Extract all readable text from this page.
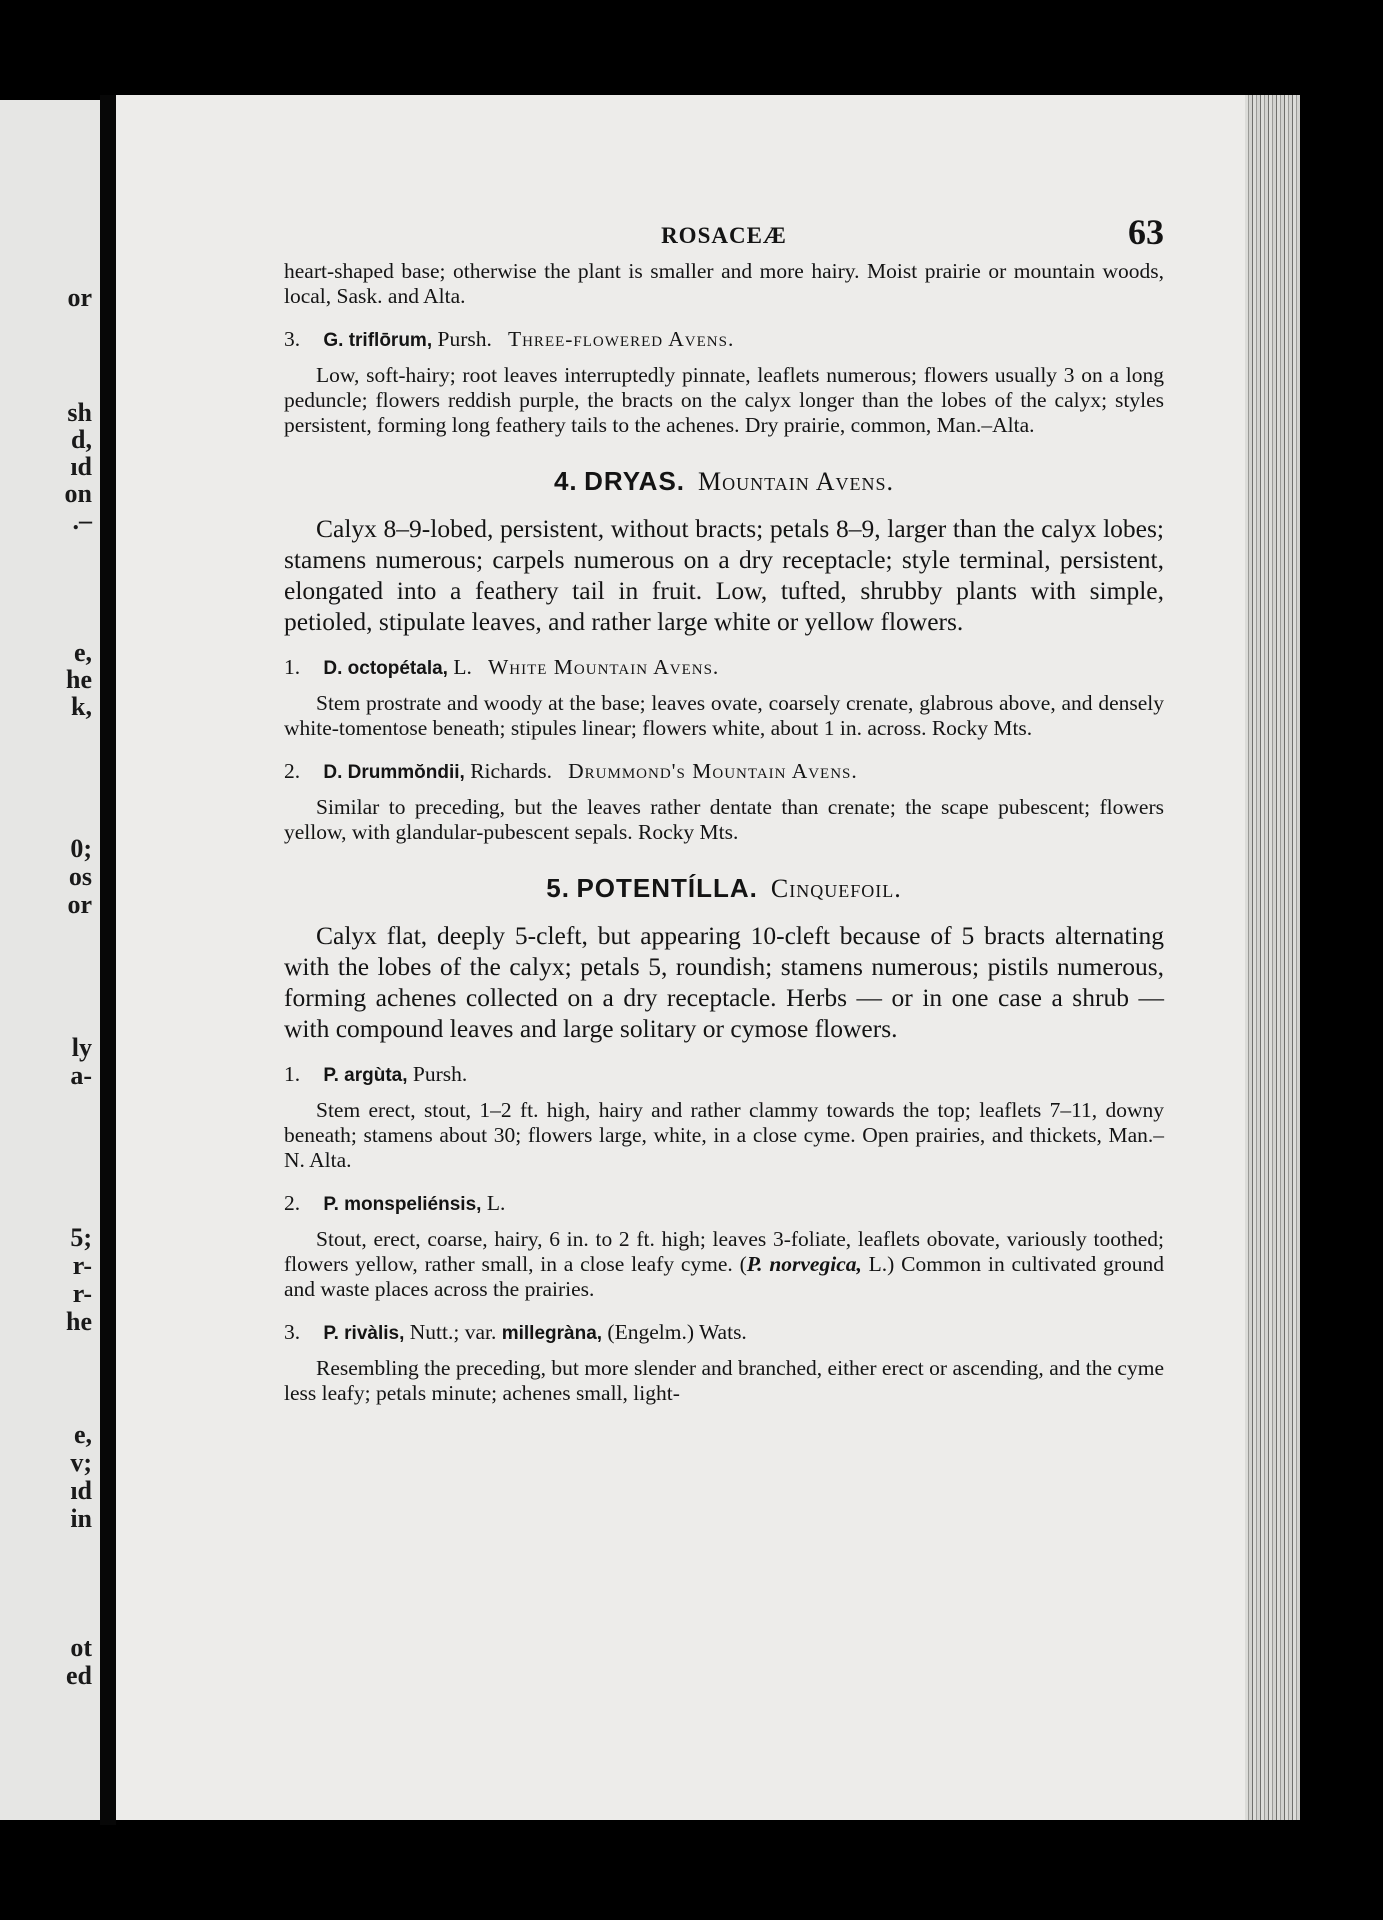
or
sh
d,
ıd
on
.–
e,
he
k,
0;
os
or
ly
a-
5;
r-
r-
he
e,
v;
ıd
in
ot
ed
ROSACEÆ	63

heart-shaped base; otherwise the plant is smaller and more hairy. Moist prairie or mountain woods, local, Sask. and Alta.

3. G. triflōrum, Pursh. Three-flowered Avens.

Low, soft-hairy; root leaves interruptedly pinnate, leaflets numerous; flowers usually 3 on a long peduncle; flowers reddish purple, the bracts on the calyx longer than the lobes of the calyx; styles persistent, forming long feathery tails to the achenes. Dry prairie, common, Man.–Alta.

4. DRYAS. Mountain Avens.

Calyx 8–9-lobed, persistent, without bracts; petals 8–9, larger than the calyx lobes; stamens numerous; carpels numerous on a dry receptacle; style terminal, persistent, elongated into a feathery tail in fruit. Low, tufted, shrubby plants with simple, petioled, stipulate leaves, and rather large white or yellow flowers.

1. D. octopétala, L. White Mountain Avens.

Stem prostrate and woody at the base; leaves ovate, coarsely crenate, glabrous above, and densely white-tomentose beneath; stipules linear; flowers white, about 1 in. across. Rocky Mts.

2. D. Drummŏndii, Richards. Drummond's Mountain Avens.

Similar to preceding, but the leaves rather dentate than crenate; the scape pubescent; flowers yellow, with glandular-pubescent sepals. Rocky Mts.

5. POTENTÍLLA. Cinquefoil.

Calyx flat, deeply 5-cleft, but appearing 10-cleft because of 5 bracts alternating with the lobes of the calyx; petals 5, roundish; stamens numerous; pistils numerous, forming achenes collected on a dry receptacle. Herbs — or in one case a shrub — with compound leaves and large solitary or cymose flowers.

1. P. argùta, Pursh.

Stem erect, stout, 1–2 ft. high, hairy and rather clammy towards the top; leaflets 7–11, downy beneath; stamens about 30; flowers large, white, in a close cyme. Open prairies, and thickets, Man.–N. Alta.

2. P. monspeliénsis, L.

Stout, erect, coarse, hairy, 6 in. to 2 ft. high; leaves 3-foliate, leaflets obovate, variously toothed; flowers yellow, rather small, in a close leafy cyme. (P. norvegica, L.) Common in cultivated ground and waste places across the prairies.

3. P. rivàlis, Nutt.; var. millegràna, (Engelm.) Wats.

Resembling the preceding, but more slender and branched, either erect or ascending, and the cyme less leafy; petals minute; achenes small, light-
